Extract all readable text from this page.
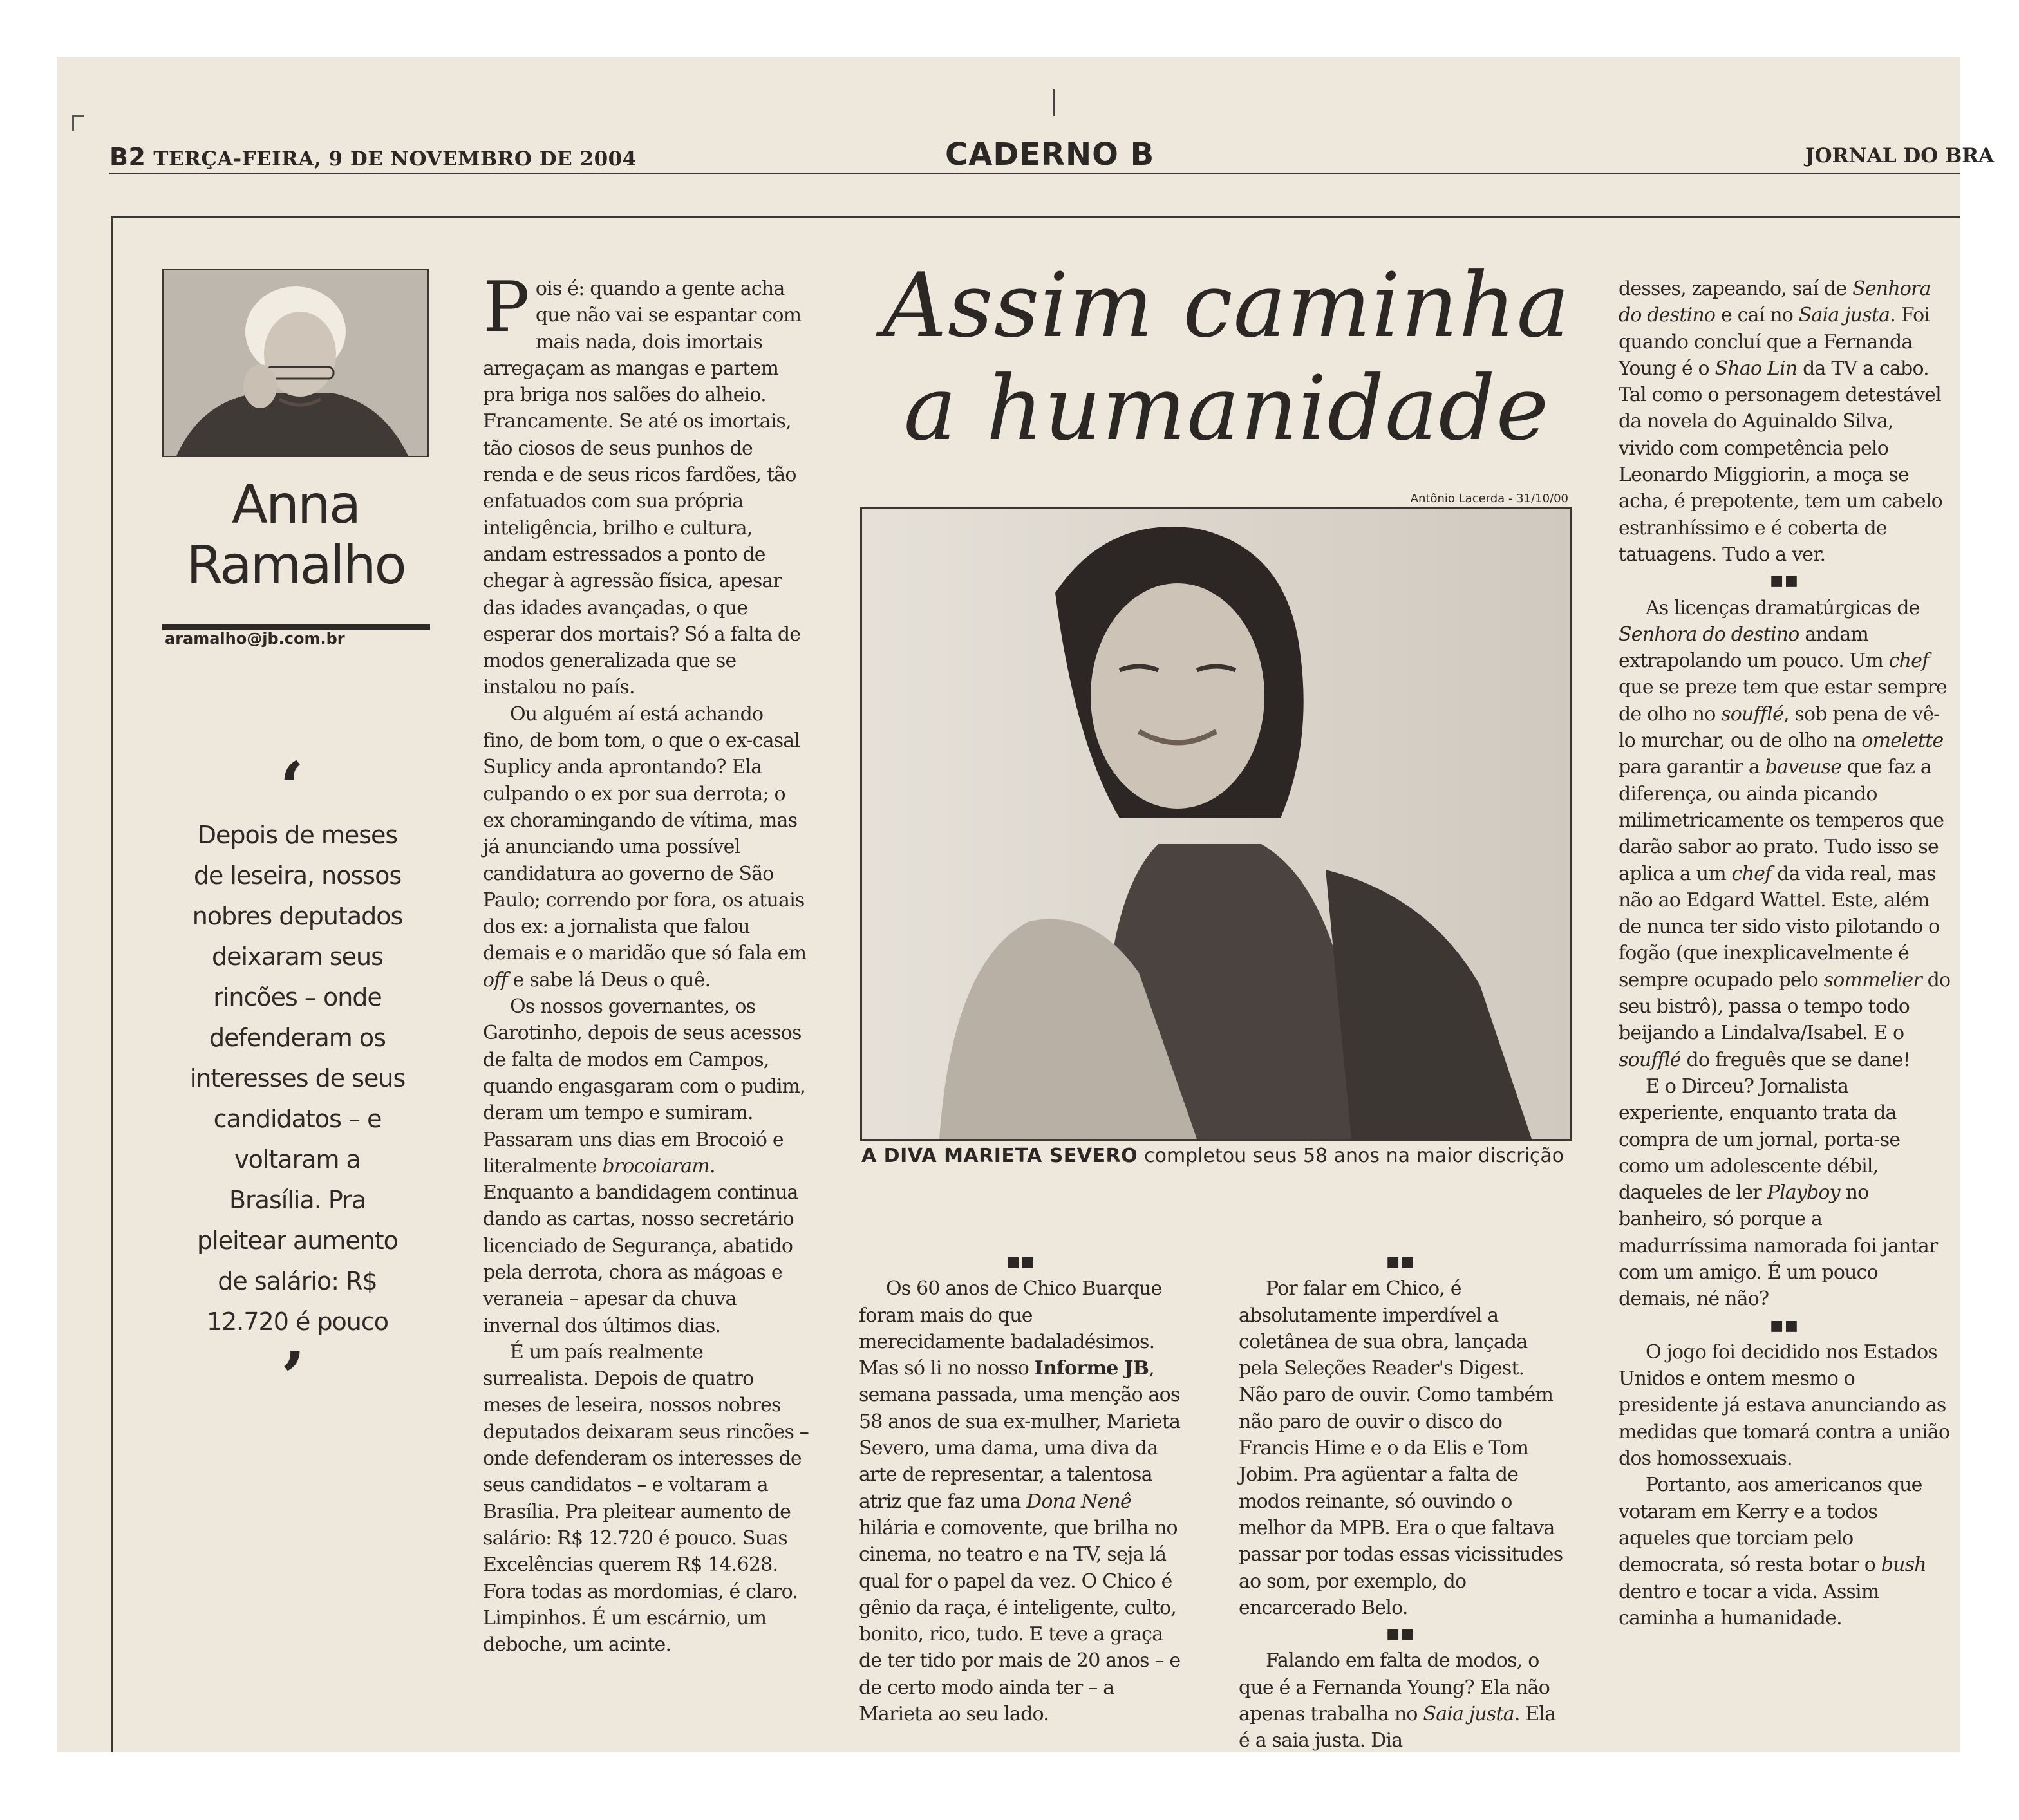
B2 TERÇA-FEIRA, 9 DE NOVEMBRO DE 2004	CADERNO B	JORNAL DO BRA
Anna
Ramalho
aramalho@jb.com.br
‘
Depois de meses de leseira, nossos nobres deputados deixaram seus rincões – onde defenderam os interesses de seus candidatos – e voltaram a Brasília. Pra pleitear aumento de salário: R$ 12.720 é pouco
’

Pois é: quando a gente acha que não vai se espantar com mais nada, dois imortais arregaçam as mangas e partem pra briga nos salões do alheio. Francamente. Se até os imortais, tão ciosos de seus punhos de renda e de seus ricos fardões, tão enfatuados com sua própria inteligência, brilho e cultura, andam estressados a ponto de chegar à agressão física, apesar das idades avançadas, o que esperar dos mortais? Só a falta de modos generalizada que se instalou no país.

Ou alguém aí está achando fino, de bom tom, o que o ex-casal Suplicy anda aprontando? Ela culpando o ex por sua derrota; o ex choramingando de vítima, mas já anunciando uma possível candidatura ao governo de São Paulo; correndo por fora, os atuais dos ex: a jornalista que falou demais e o maridão que só fala em off e sabe lá Deus o quê.

Os nossos governantes, os Garotinho, depois de seus acessos de falta de modos em Campos, quando engasgaram com o pudim, deram um tempo e sumiram. Passaram uns dias em Brocoió e literalmente brocoiaram. Enquanto a bandidagem continua dando as cartas, nosso secretário licenciado de Segurança, abatido pela derrota, chora as mágoas e veraneia – apesar da chuva invernal dos últimos dias.

É um país realmente surrealista. Depois de quatro meses de leseira, nossos nobres deputados deixaram seus rincões – onde defenderam os interesses de seus candidatos – e voltaram a Brasília. Pra pleitear aumento de salário: R$ 12.720 é pouco. Suas Excelências querem R$ 14.628. Fora todas as mordomias, é claro. Limpinhos. É um escárnio, um deboche, um acinte.

Assim caminha
a humanidade
Antônio Lacerda - 31/10/00
A DIVA MARIETA SEVERO completou seus 58 anos na maior discrição
■■

Os 60 anos de Chico Buarque foram mais do que merecidamente badaladésimos. Mas só li no nosso Informe JB, semana passada, uma menção aos 58 anos de sua ex-mulher, Marieta Severo, uma dama, uma diva da arte de representar, a talentosa atriz que faz uma Dona Nenê hilária e comovente, que brilha no cinema, no teatro e na TV, seja lá qual for o papel da vez. O Chico é gênio da raça, é inteligente, culto, bonito, rico, tudo. E teve a graça de ter tido por mais de 20 anos – e de certo modo ainda ter – a Marieta ao seu lado.

■■

Por falar em Chico, é absolutamente imperdível a coletânea de sua obra, lançada pela Seleções Reader's Digest. Não paro de ouvir. Como também não paro de ouvir o disco do Francis Hime e o da Elis e Tom Jobim. Pra agüentar a falta de modos reinante, só ouvindo o melhor da MPB. Era o que faltava passar por todas essas vicissitudes ao som, por exemplo, do encarcerado Belo.

■■

Falando em falta de modos, o que é a Fernanda Young? Ela não apenas trabalha no Saia justa. Ela é a saia justa. Dia

desses, zapeando, saí de Senhora do destino e caí no Saia justa. Foi quando concluí que a Fernanda Young é o Shao Lin da TV a cabo. Tal como o personagem detestável da novela do Aguinaldo Silva, vivido com competência pelo Leonardo Miggiorin, a moça se acha, é prepotente, tem um cabelo estranhíssimo e é coberta de tatuagens. Tudo a ver.

■■

As licenças dramatúrgicas de Senhora do destino andam extrapolando um pouco. Um chef que se preze tem que estar sempre de olho no soufflé, sob pena de vê-lo murchar, ou de olho na omelette para garantir a baveuse que faz a diferença, ou ainda picando milimetricamente os temperos que darão sabor ao prato. Tudo isso se aplica a um chef da vida real, mas não ao Edgard Wattel. Este, além de nunca ter sido visto pilotando o fogão (que inexplicavelmente é sempre ocupado pelo sommelier do seu bistrô), passa o tempo todo beijando a Lindalva/Isabel. E o soufflé do freguês que se dane!

E o Dirceu? Jornalista experiente, enquanto trata da compra de um jornal, porta-se como um adolescente débil, daqueles de ler Playboy no banheiro, só porque a madurríssima namorada foi jantar com um amigo. É um pouco demais, né não?

■■

O jogo foi decidido nos Estados Unidos e ontem mesmo o presidente já estava anunciando as medidas que tomará contra a união dos homossexuais.

Portanto, aos americanos que votaram em Kerry e a todos aqueles que torciam pelo democrata, só resta botar o bush dentro e tocar a vida. Assim caminha a humanidade.
